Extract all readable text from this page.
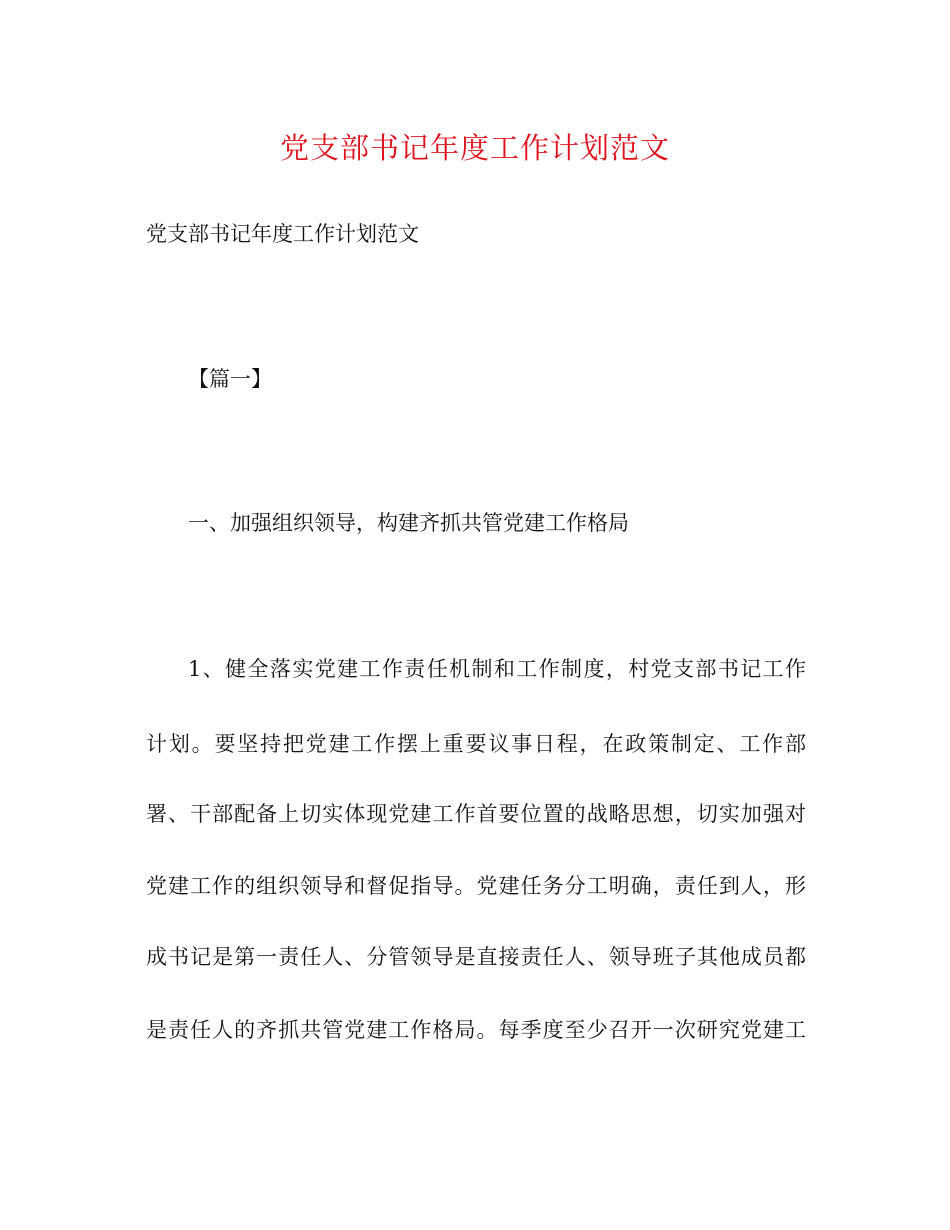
党支部书记年度工作计划范文
党支部书记年度工作计划范文
【篇一】
一、加强组织领导，构建齐抓共管党建工作格局
1、健全落实党建工作责任机制和工作制度，村党支部书记工作
计划。要坚持把党建工作摆上重要议事日程，在政策制定、工作部
署、干部配备上切实体现党建工作首要位置的战略思想，切实加强对
党建工作的组织领导和督促指导。党建任务分工明确，责任到人，形
成书记是第一责任人、分管领导是直接责任人、领导班子其他成员都
是责任人的齐抓共管党建工作格局。每季度至少召开一次研究党建工
